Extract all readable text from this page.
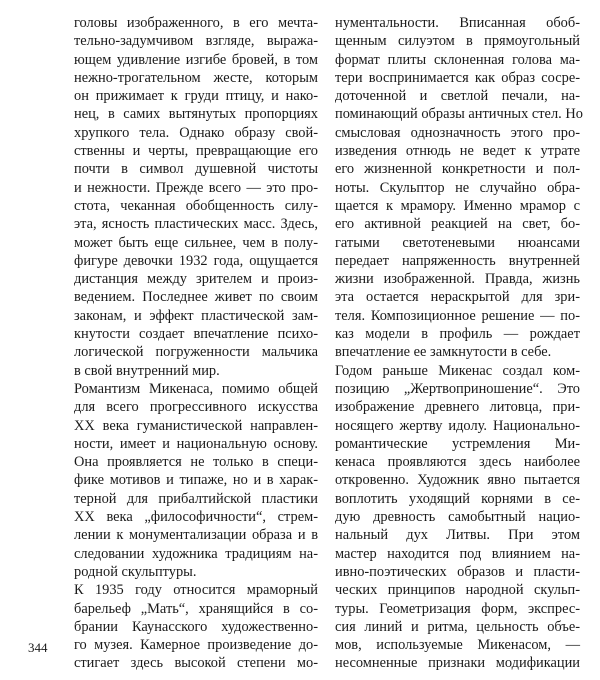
головы изображенного, в его мечта-
тельно-задумчивом взгляде, выража-
ющем удивление изгибе бровей, в том
нежно-трогательном жесте, которым
он прижимает к груди птицу, и нако-
нец, в самих вытянутых пропорциях
хрупкого тела. Однако образу свой-
ственны и черты, превращающие его
почти в символ душевной чистоты
и нежности. Прежде всего — это про-
стота, чеканная обобщенность силу-
эта, ясность пластических масс. Здесь,
может быть еще сильнее, чем в полу-
фигуре девочки 1932 года, ощущается
дистанция между зрителем и произ-
ведением. Последнее живет по своим
законам, и эффект пластической зам-
кнутости создает впечатление психо-
логической погруженности мальчика
в свой внутренний мир.
Романтизм Микенаса, помимо общей
для всего прогрессивного искусства
XX века гуманистической направлен-
ности, имеет и национальную основу.
Она проявляется не только в специ-
фике мотивов и типаже, но и в харак-
терной для прибалтийской пластики
XX века „философичности“, стрем-
лении к монументализации образа и в
следовании художника традициям на-
родной скульптуры.
К 1935 году относится мраморный
барельеф „Мать“, хранящийся в со-
брании Каунасского художественно-
го музея. Камерное произведение до-
стигает здесь высокой степени мо-
нументальности. Вписанная обоб-
щенным силуэтом в прямоугольный
формат плиты склоненная голова ма-
тери воспринимается как образ сосре-
доточенной и светлой печали, на-
поминающий образы античных стел. Но
смысловая однозначность этого про-
изведения отнюдь не ведет к утрате
его жизненной конкретности и пол-
ноты. Скульптор не случайно обра-
щается к мрамору. Именно мрамор с
его активной реакцией на свет, бо-
гатыми светотеневыми нюансами
передает напряженность внутренней
жизни изображенной. Правда, жизнь
эта остается нераскрытой для зри-
теля. Композиционное решение — по-
каз модели в профиль — рождает
впечатление ее замкнутости в себе.
Годом раньше Микенас создал ком-
позицию „Жертвоприношение“. Это
изображение древнего литовца, при-
носящего жертву идолу. Национально-
романтические устремления Ми-
кенаса проявляются здесь наиболее
откровенно. Художник явно пытается
воплотить уходящий корнями в се-
дую древность самобытный нацио-
нальный дух Литвы. При этом
мастер находится под влиянием на-
ивно-поэтических образов и пласти-
ческих принципов народной скульп-
туры. Геометризация форм, экспрес-
сия линий и ритма, цельность объе-
мов, используемые Микенасом, —
несомненные признаки модификации
344
